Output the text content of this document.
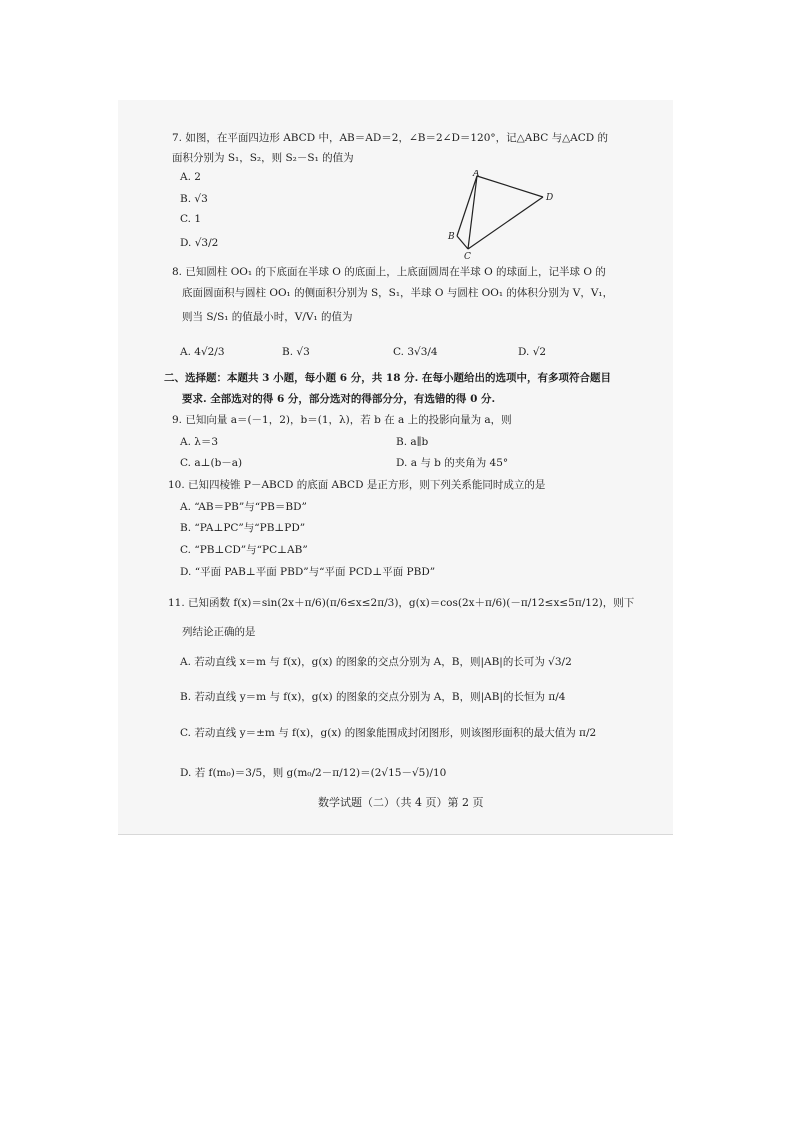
7. 如图，在平面四边形 ABCD 中，AB＝AD＝2，∠B＝2∠D＝120°，记△ABC 与△ACD 的
面积分别为 S₁，S₂，则 S₂－S₁ 的值为
A. 2
B. √3
C. 1
D. √3/2
A
B
C
D
8. 已知圆柱 OO₁ 的下底面在半球 O 的底面上，上底面圆周在半球 O 的球面上，记半球 O 的
底面圆面积与圆柱 OO₁ 的侧面积分别为 S，S₁，半球 O 与圆柱 OO₁ 的体积分别为 V，V₁，
则当 S/S₁ 的值最小时，V/V₁ 的值为
A. 4√2/3	B. √3	C. 3√3/4	D. √2
二、选择题：本题共 3 小题，每小题 6 分，共 18 分. 在每小题给出的选项中，有多项符合题目
要求. 全部选对的得 6 分，部分选对的得部分分，有选错的得 0 分.
9. 已知向量 a＝(－1，2)，b＝(1，λ)，若 b 在 a 上的投影向量为 a，则
A. λ＝3	B. a∥b
C. a⊥(b－a)	D. a 与 b 的夹角为 45°
10. 已知四棱锥 P－ABCD 的底面 ABCD 是正方形，则下列关系能同时成立的是
A. “AB＝PB”与“PB＝BD”
B. “PA⊥PC”与“PB⊥PD”
C. “PB⊥CD”与“PC⊥AB”
D. “平面 PAB⊥平面 PBD”与“平面 PCD⊥平面 PBD”
11. 已知函数 f(x)＝sin(2x＋π/6)(π/6≤x≤2π/3)，g(x)＝cos(2x＋π/6)(－π/12≤x≤5π/12)，则下
列结论正确的是
A. 若动直线 x＝m 与 f(x)，g(x) 的图象的交点分别为 A，B，则|AB|的长可为 √3/2
B. 若动直线 y＝m 与 f(x)，g(x) 的图象的交点分别为 A，B，则|AB|的长恒为 π/4
C. 若动直线 y＝±m 与 f(x)，g(x) 的图象能围成封闭图形，则该图形面积的最大值为 π/2
D. 若 f(m₀)＝3/5，则 g(m₀/2－π/12)＝(2√15－√5)/10
数学试题（二）（共 4 页）第 2 页
